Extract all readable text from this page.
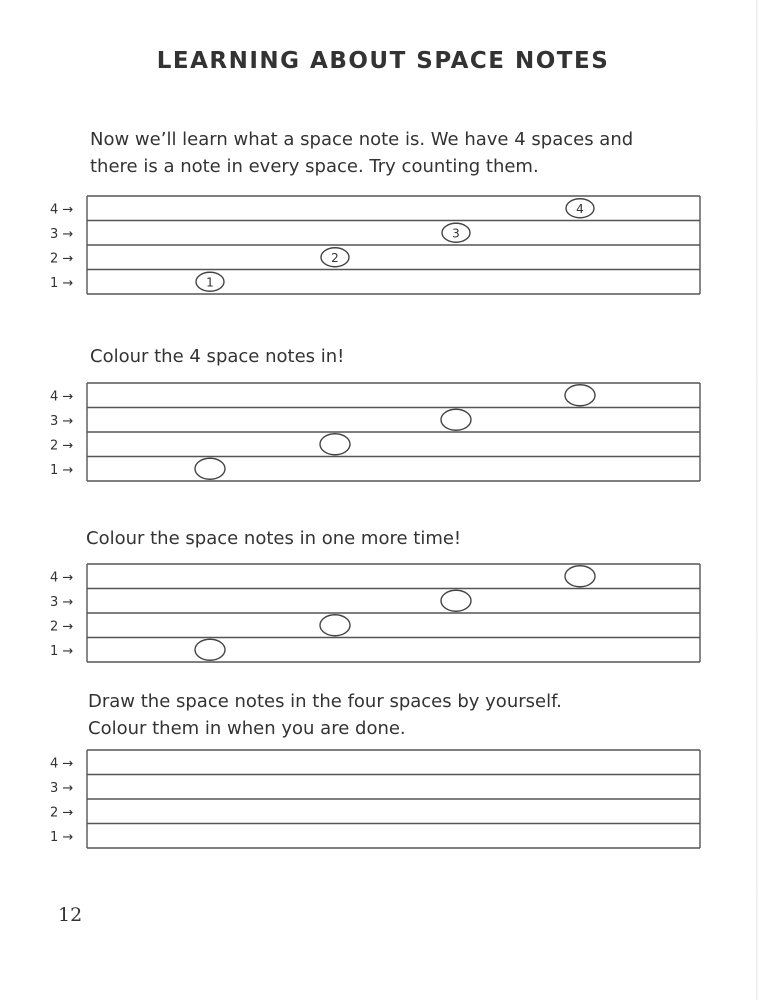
LEARNING ABOUT SPACE NOTES
Now we’ll learn what a space note is. We have 4 spaces and
there is a note in every space. Try counting them.
4 →
3 →
2 →
1 →	1
2
3
4
Colour the 4 space notes in!
4 →
3 →
2 →
1 →
Colour the space notes in one more time!
4 →
3 →
2 →
1 →
Draw the space notes in the four spaces by yourself.
Colour them in when you are done.
4 →
3 →
2 →
1 →
12
